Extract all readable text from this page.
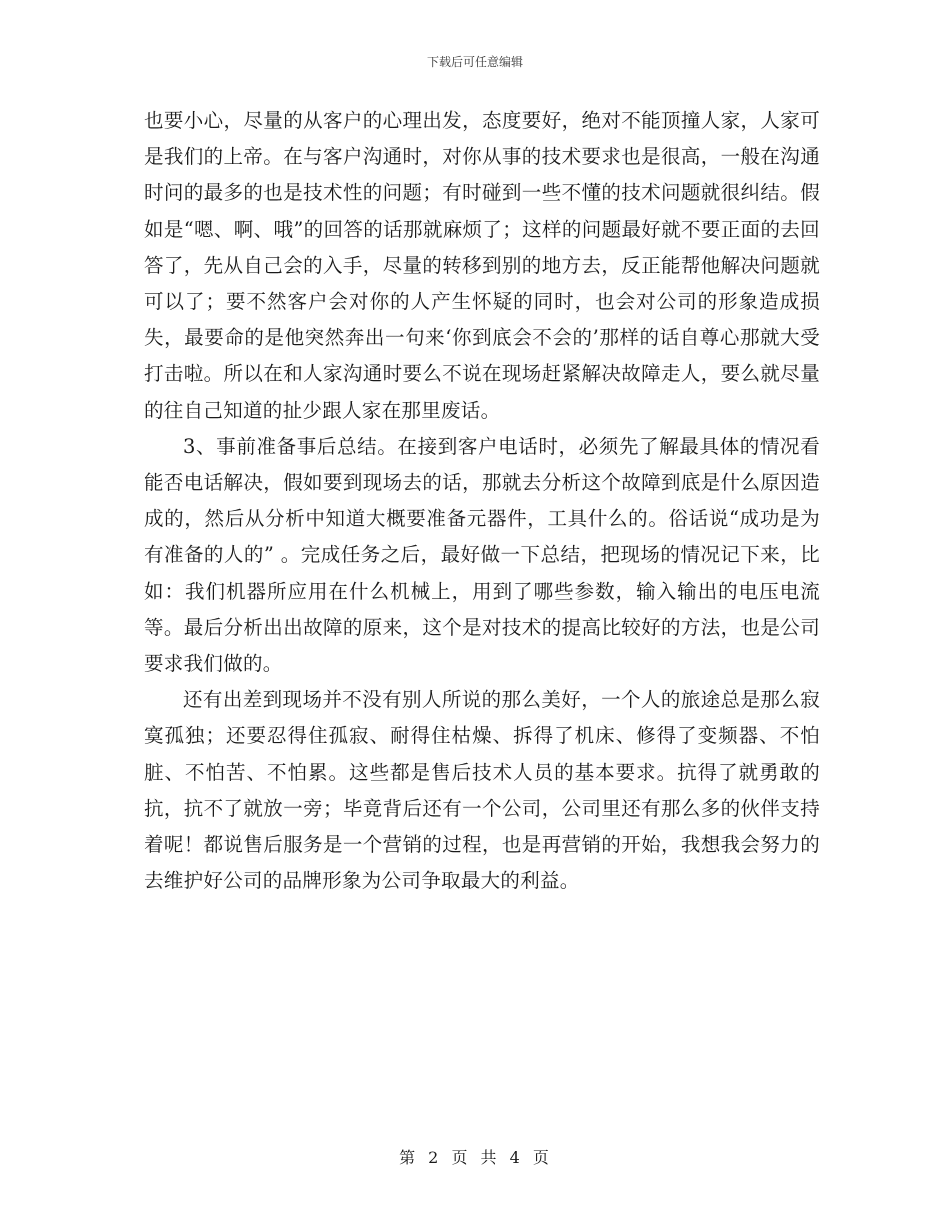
下载后可任意编辑

也要小心，尽量的从客户的心理出发，态度要好，绝对不能顶撞人家，人家可是我们的上帝。在与客户沟通时，对你从事的技术要求也是很高，一般在沟通时问的最多的也是技术性的问题；有时碰到一些不懂的技术问题就很纠结。假如是“嗯、啊、哦”的回答的话那就麻烦了；这样的问题最好就不要正面的去回答了，先从自己会的入手，尽量的转移到别的地方去，反正能帮他解决问题就可以了；要不然客户会对你的人产生怀疑的同时，也会对公司的形象造成损失，最要命的是他突然奔出一句来‘你到底会不会的’那样的话自尊心那就大受打击啦。所以在和人家沟通时要么不说在现场赶紧解决故障走人，要么就尽量的往自己知道的扯少跟人家在那里废话。

3、事前准备事后总结。在接到客户电话时，必须先了解最具体的情况看能否电话解决，假如要到现场去的话，那就去分析这个故障到底是什么原因造成的，然后从分析中知道大概要准备元器件，工具什么的。俗话说“成功是为有准备的人的” 。完成任务之后，最好做一下总结，把现场的情况记下来，比如：我们机器所应用在什么机械上，用到了哪些参数，输入输出的电压电流等。最后分析出出故障的原来，这个是对技术的提高比较好的方法，也是公司要求我们做的。

还有出差到现场并不没有别人所说的那么美好，一个人的旅途总是那么寂寞孤独；还要忍得住孤寂、耐得住枯燥、拆得了机床、修得了变频器、不怕脏、不怕苦、不怕累。这些都是售后技术人员的基本要求。抗得了就勇敢的抗，抗不了就放一旁；毕竟背后还有一个公司，公司里还有那么多的伙伴支持着呢！都说售后服务是一个营销的过程，也是再营销的开始，我想我会努力的去维护好公司的品牌形象为公司争取最大的利益。

第 2 页 共 4 页
